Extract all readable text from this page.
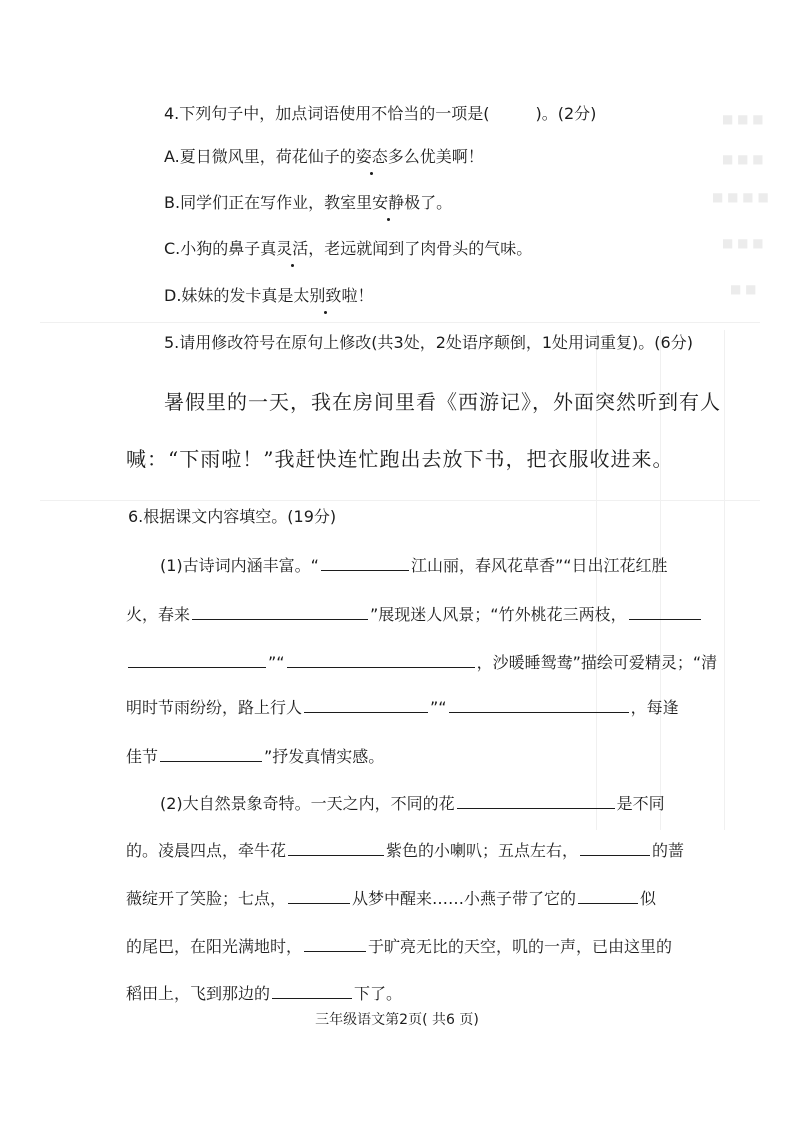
■ ■ ■
■ ■ ■
■ ■ ■ ■
■ ■ ■
■ ■
4.下列句子中，加点词语使用不恰当的一项是(	)。(2分)
A.夏日微风里，荷花仙子的姿态多么优美啊！
B.同学们正在写作业，教室里安静极了。
C.小狗的鼻子真灵活，老远就闻到了肉骨头的气味。
D.妹妹的发卡真是太别致啦！
5.请用修改符号在原句上修改(共3处，2处语序颠倒，1处用词重复)。(6分)
暑假里的一天，我在房间里看《西游记》，外面突然听到有人
喊：“下雨啦！”我赶快连忙跑出去放下书，把衣服收进来。
6.根据课文内容填空。(19分)
(1)古诗词内涵丰富。“	江山丽，春风花草香”“日出江花红胜
火，春来	”展现迷人风景；“竹外桃花三两枝，
”“	，沙暖睡鸳鸯”描绘可爱精灵；“清
明时节雨纷纷，路上行人	”“	，每逢
佳节	”抒发真情实感。
(2)大自然景象奇特。一天之内，不同的花	是不同
的。凌晨四点，牵牛花	紫色的小喇叭；五点左右，	的蔷
薇绽开了笑脸；七点，	从梦中醒来……小燕子带了它的	似
的尾巴，在阳光满地时，	于旷亮无比的天空，叽的一声，已由这里的
稻田上，飞到那边的	下了。
三年级语文第2页( 共6 页)
